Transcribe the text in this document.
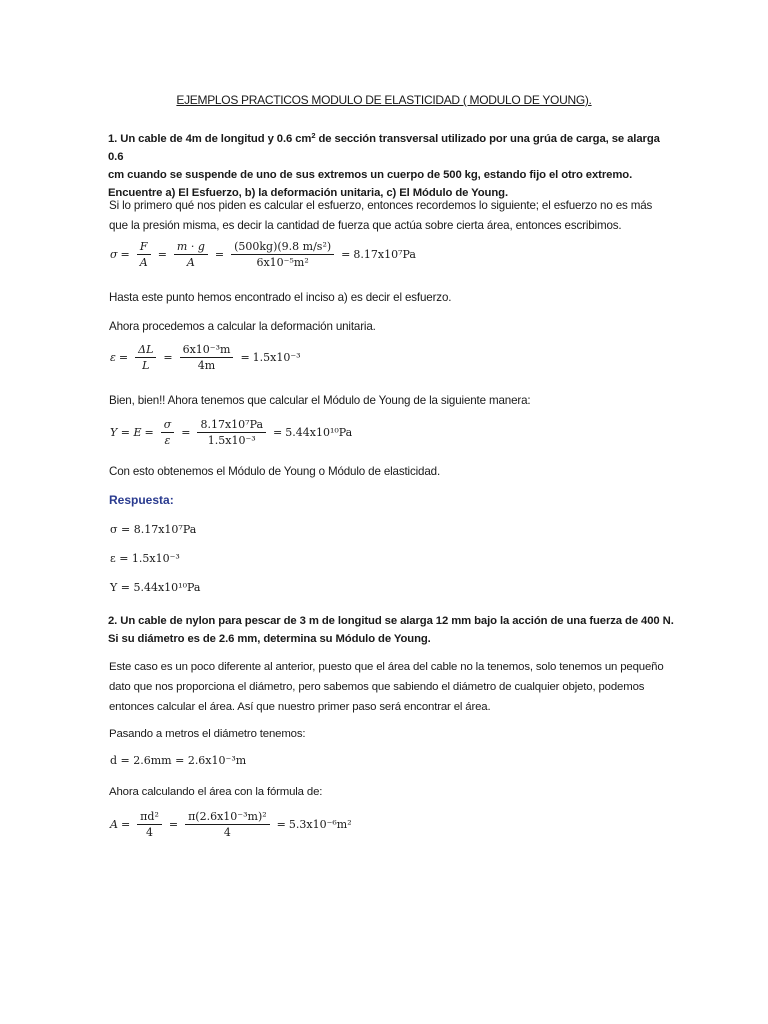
EJEMPLOS PRACTICOS MODULO DE ELASTICIDAD ( MODULO DE YOUNG).
1. Un cable de 4m de longitud y 0.6 $cm^2$ de sección transversal utilizado por una grúa de carga, se alarga 0.6
cm cuando se suspende de uno de sus extremos un cuerpo de 500 kg, estando fijo el otro extremo.
Encuentre a) El Esfuerzo, b) la deformación unitaria, c) El Módulo de Young.
Si lo primero qué nos piden es calcular el esfuerzo, entonces recordemos lo siguiente; el esfuerzo no es más que la presión misma, es decir la cantidad de fuerza que actúa sobre cierta área, entonces escribimos.
$\sigma = \frac{F}{A} = \frac{m \cdot g}{A} = \frac{\text{(500kg)(9.8 m/s²)}}{\text{6x10⁻⁵m²}} = 8.17x10^7Pa$
Hasta este punto hemos encontrado el inciso a) es decir el esfuerzo.
Ahora procedemos a calcular la deformación unitaria.
$\varepsilon = \frac{\Delta L}{L} = \frac{\text{6x10⁻³m}}{4m} = 1.5x10^{-3}$
Bien, bien!! Ahora tenemos que calcular el Módulo de Young de la siguiente manera:
$Y = E = \frac{\sigma}{\varepsilon} = \frac{\text{8.17x10⁷Pa}}{\text{1.5x10⁻³}} = 5.44x10^{10}Pa$
Con esto obtenemos el Módulo de Young o Módulo de elasticidad.
Respuesta:
σ = 8.17x10⁷Pa
ε = 1.5x10⁻³
Y = 5.44x10¹⁰Pa
2. Un cable de nylon para pescar de 3 m de longitud se alarga 12 mm bajo la acción de una fuerza de 400 N.
Si su diámetro es de 2.6 mm, determina su Módulo de Young.
Este caso es un poco diferente al anterior, puesto que el área del cable no la tenemos, solo tenemos un pequeño dato que nos proporciona el diámetro, pero sabemos que sabiendo el diámetro de cualquier objeto, podemos entonces calcular el área. Así que nuestro primer paso será encontrar el área.
Pasando a metros el diámetro tenemos:
d = 2.6mm = 2.6x10⁻³m
Ahora calculando el área con la fórmula de:
$A = \frac{\text{πd²}}{4} = \frac{\text{π(2.6x10⁻³m)²}}{4} = 5.3x10^{-6}m^2$
